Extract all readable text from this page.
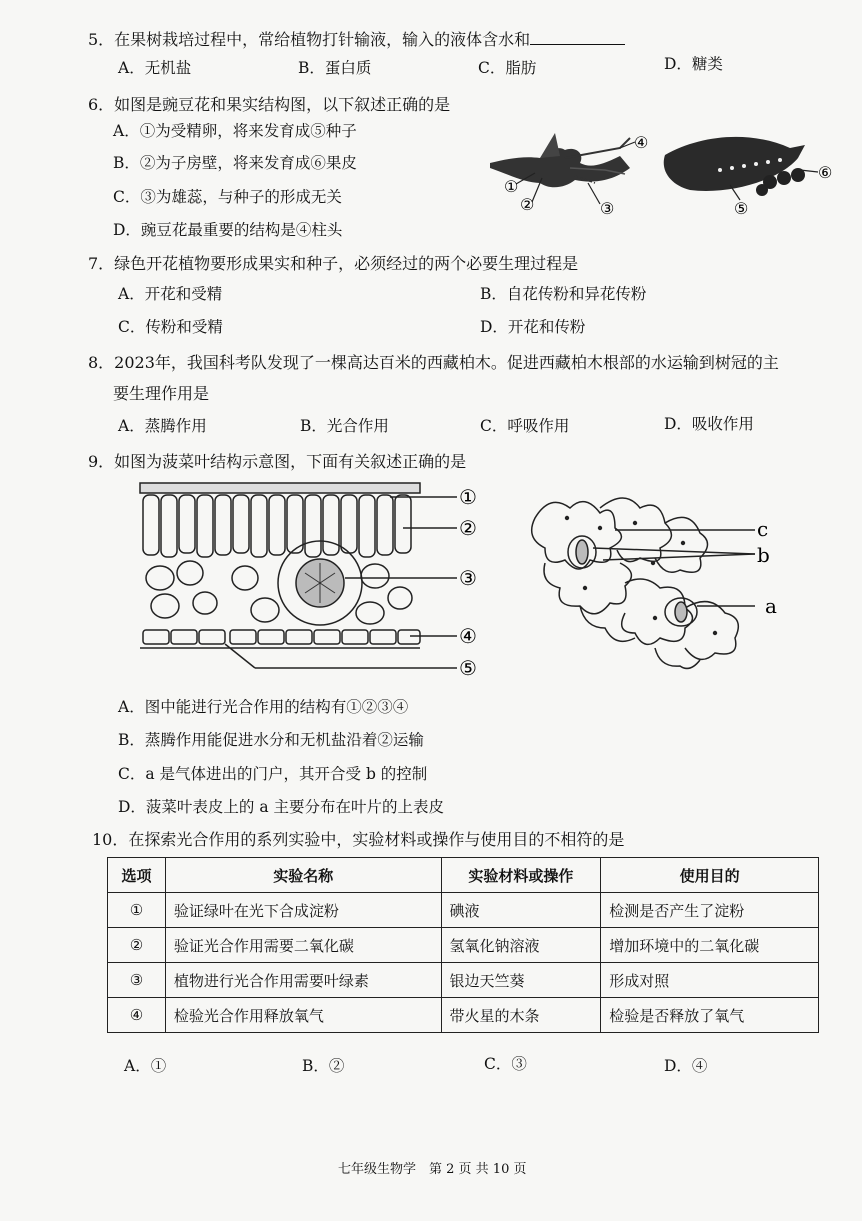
5．在果树栽培过程中，常给植物打针输液，输入的液体含水和
A．无机盐	B．蛋白质	C．脂肪	D．糖类
6．如图是豌豆花和果实结构图，以下叙述正确的是
A．①为受精卵，将来发育成⑤种子
B．②为子房壁，将来发育成⑥果皮
C．③为雄蕊，与种子的形成无关
D．豌豆花最重要的结构是④柱头
①
②	③
④
⑥
⑤
7．绿色开花植物要形成果实和种子，必须经过的两个必要生理过程是
A．开花和受精	B．自花传粉和异花传粉
C．传粉和受精	D．开花和传粉
8．2023年，我国科考队发现了一棵高达百米的西藏柏木。促进西藏柏木根部的水运输到树冠的主
要生理作用是
A．蒸腾作用	B．光合作用	C．呼吸作用	D．吸收作用
9．如图为菠菜叶结构示意图，下面有关叙述正确的是
①
②
③
④
⑤
c
b
a
A．图中能进行光合作用的结构有①②③④
B．蒸腾作用能促进水分和无机盐沿着②运输
C．a 是气体进出的门户，其开合受 b 的控制
D．菠菜叶表皮上的 a 主要分布在叶片的上表皮
10．在探索光合作用的系列实验中，实验材料或操作与使用目的不相符的是
选项	实验名称	实验材料或操作	使用目的
①	验证绿叶在光下合成淀粉	碘液	检测是否产生了淀粉
②	验证光合作用需要二氧化碳	氢氧化钠溶液	增加环境中的二氧化碳
③	植物进行光合作用需要叶绿素	银边天竺葵	形成对照
④	检验光合作用释放氧气	带火星的木条	检验是否释放了氧气
A．①	B．②	C．③	D．④
七年级生物学　第 2 页 共 10 页
